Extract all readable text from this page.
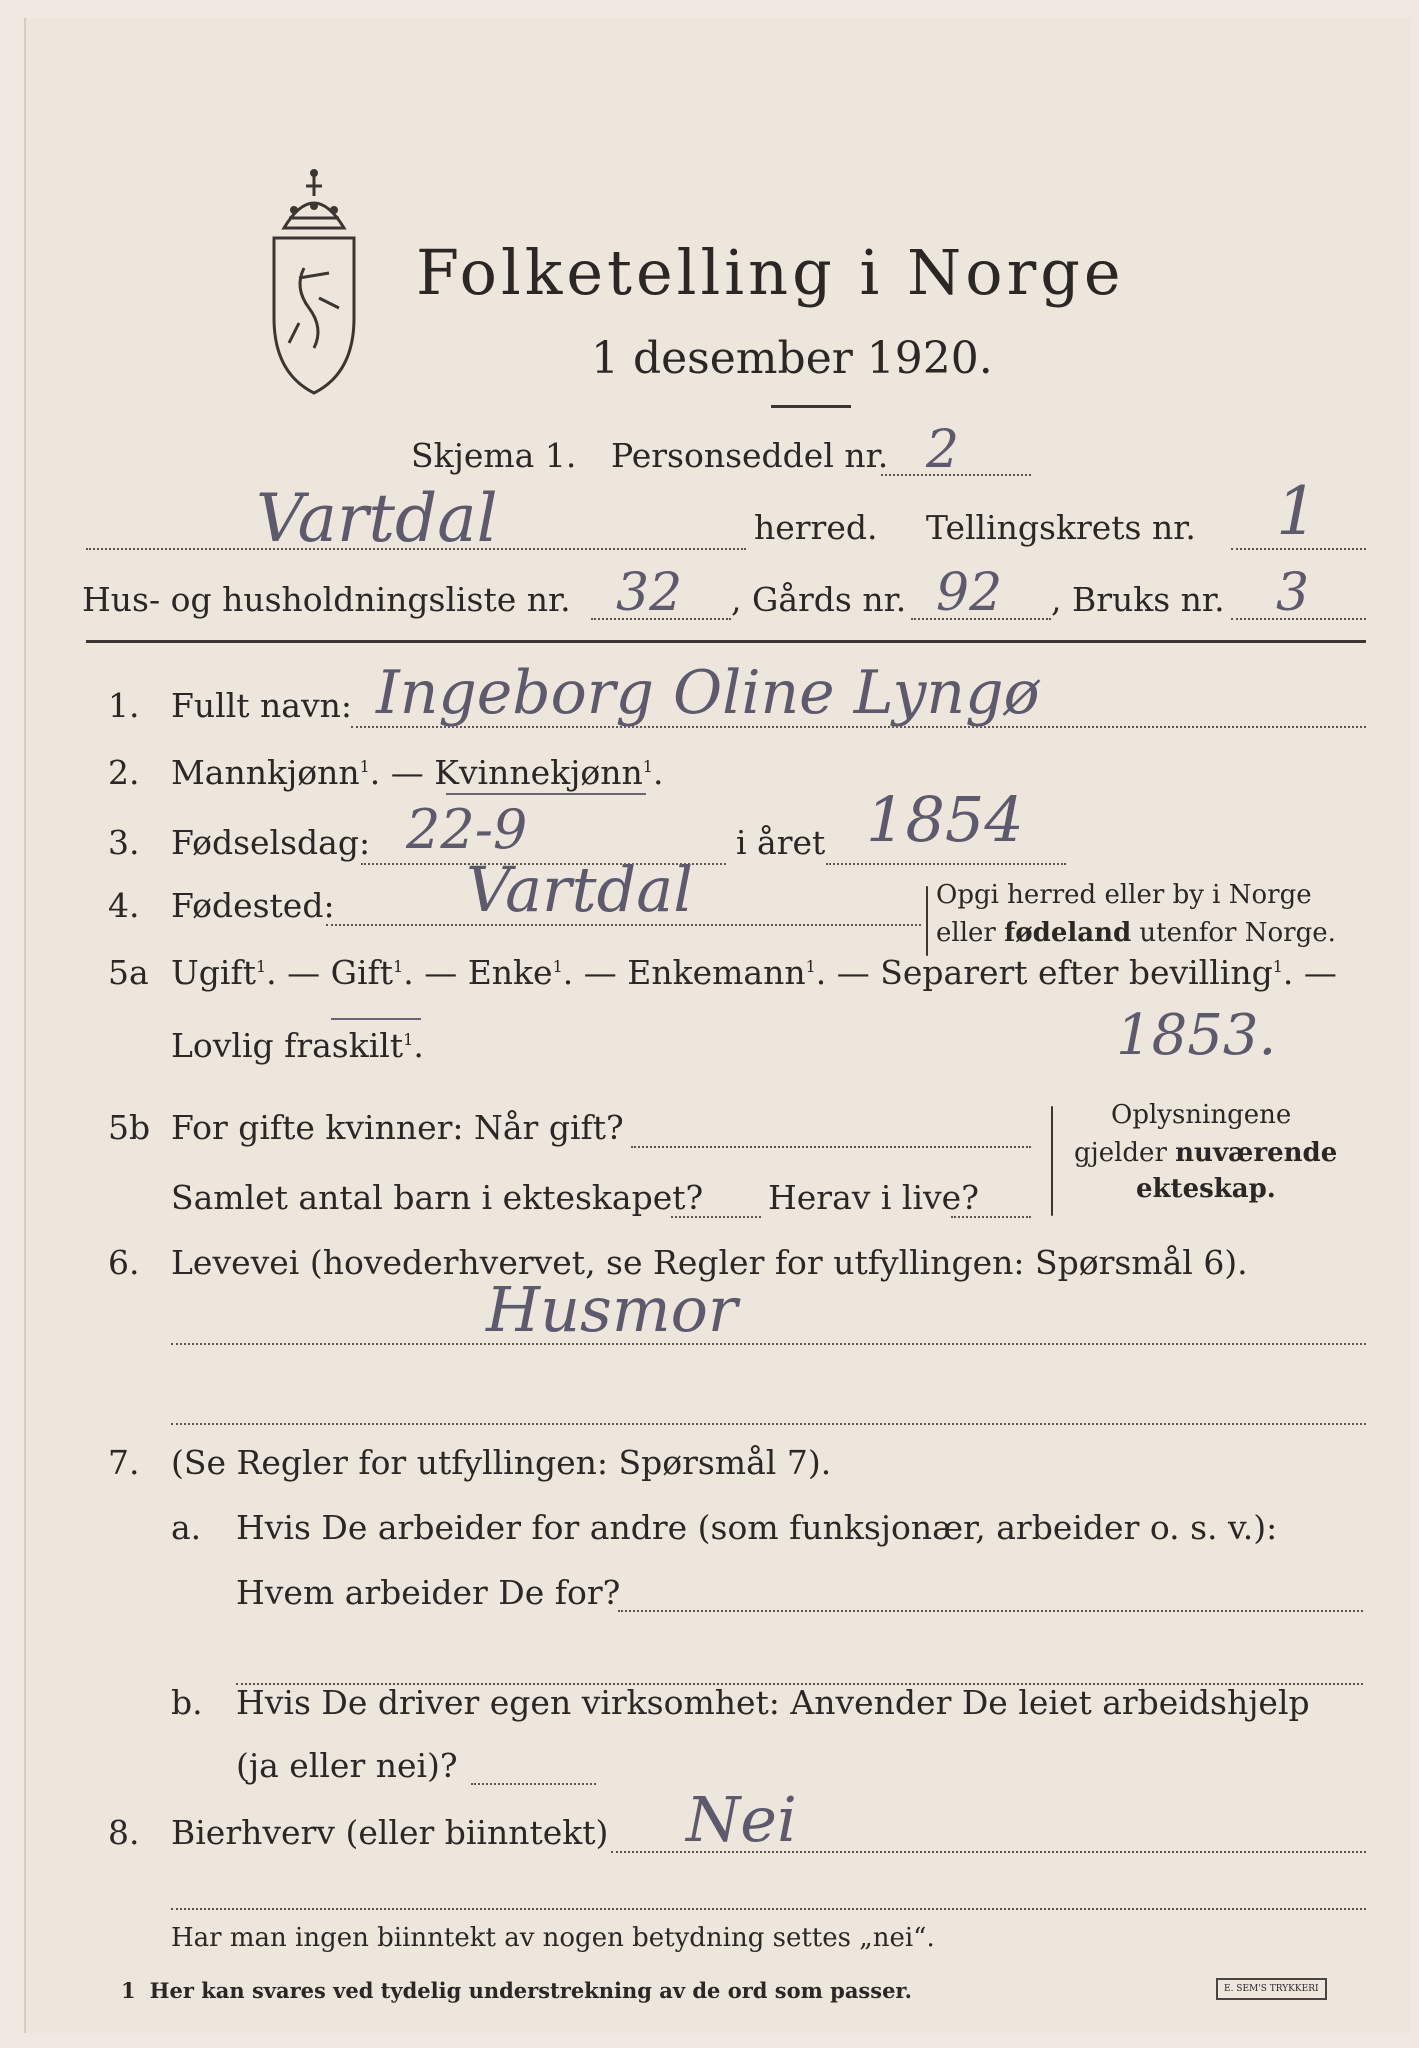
Folketelling i Norge
1 desember 1920.
Skjema 1. Personseddel nr. 2
Vartdal	herred. Tellingskrets nr. 1
Hus- og husholdningsliste nr. 32 , Gårds nr. 92 , Bruks nr. 3
1. Fullt navn: Ingeborg Oline Lyngø
2. Mannkjønn$^1$. — Kvinnekjønn$^1$.
3. Fødselsdag: 22-9	i året 1854
4. Fødested: Vartdal	Opgi herred eller by i Norge
eller fødeland utenfor Norge.
5a Ugift$^1$. — Gift$^1$. — Enke$^1$. — Enkemann$^1$. — Separert efter bevilling$^1$. —
Lovlig fraskilt$^1$.	1853.
5b For gifte kvinner: Når gift?
Samlet antal barn i ekteskapet? Herav i live?
Oplysningene
gjelder nuværende
ekteskap.
6. Levevei (hovederhvervet, se Regler for utfyllingen: Spørsmål 6).
Husmor
7. (Se Regler for utfyllingen: Spørsmål 7).
a. Hvis De arbeider for andre (som funksjonær, arbeider o. s. v.):
Hvem arbeider De for?
b. Hvis De driver egen virksomhet: Anvender De leiet arbeidshjelp
(ja eller nei)?
8. Bierhverv (eller biinntekt) Nei
Har man ingen biinntekt av nogen betydning settes „nei“.
1 Her kan svares ved tydelig understrekning av de ord som passer.	E. SEM'S TRYKKERI
